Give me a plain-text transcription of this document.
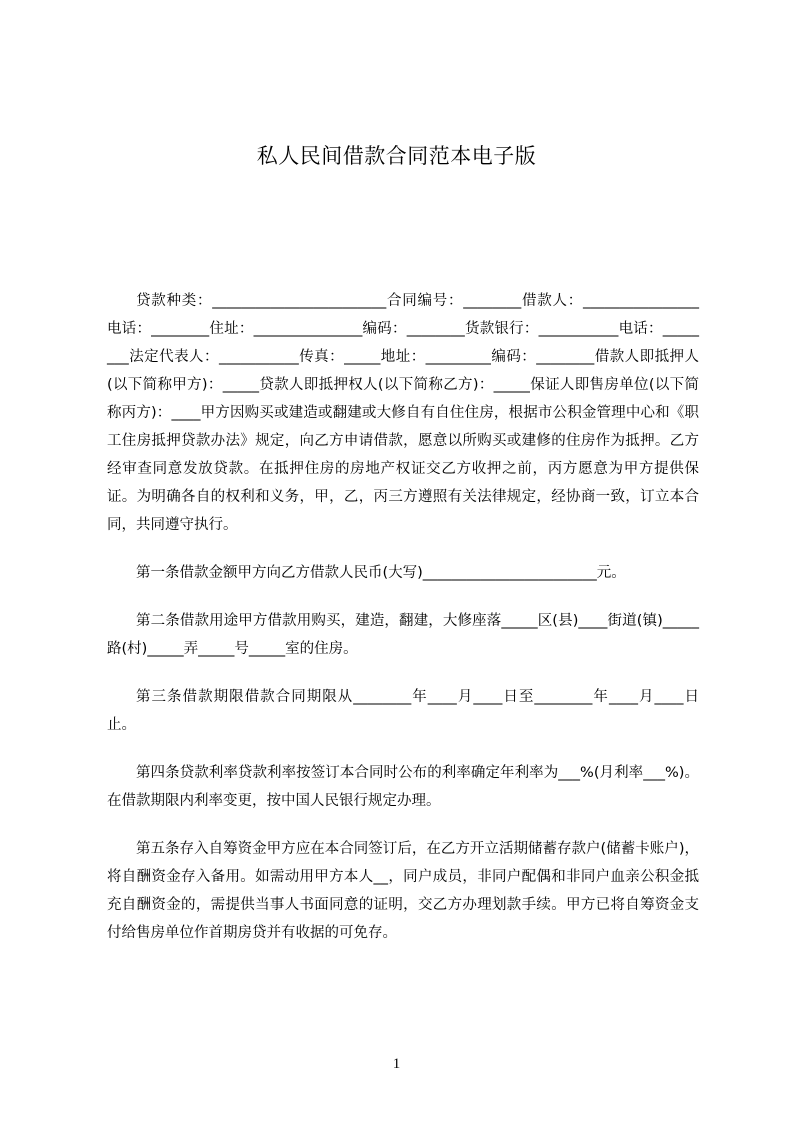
私人民间借款合同范本电子版

贷款种类：________________________合同编号：________借款人：________________电话：________住址：_______________编码：________货款银行：___________电话：________法定代表人：___________传真：_____地址：_________编码：________借款人即抵押人(以下简称甲方)：_____贷款人即抵押权人(以下简称乙方)：_____保证人即售房单位(以下简称丙方)：____甲方因购买或建造或翻建或大修自有自住住房，根据市公积金管理中心和《职工住房抵押贷款办法》规定，向乙方申请借款，愿意以所购买或建修的住房作为抵押。乙方经审查同意发放贷款。在抵押住房的房地产权证交乙方收押之前，丙方愿意为甲方提供保证。为明确各自的权利和义务，甲，乙，丙三方遵照有关法律规定，经协商一致，订立本合同，共同遵守执行。

第一条借款金额甲方向乙方借款人民币(大写)________________________元。

第二条借款用途甲方借款用购买，建造，翻建，大修座落_____区(县)____街道(镇)_____路(村)_____弄_____号_____室的住房。

第三条借款期限借款合同期限从________年____月____日至________年____月____日止。

第四条贷款利率贷款利率按签订本合同时公布的利率确定年利率为___%(月利率___%)。在借款期限内利率变更，按中国人民银行规定办理。

第五条存入自筹资金甲方应在本合同签订后，在乙方开立活期储蓄存款户(储蓄卡账户)，将自酬资金存入备用。如需动用甲方本人__，同户成员，非同户配偶和非同户血亲公积金抵充自酬资金的，需提供当事人书面同意的证明，交乙方办理划款手续。甲方已将自筹资金支付给售房单位作首期房贷并有收据的可免存。

1
